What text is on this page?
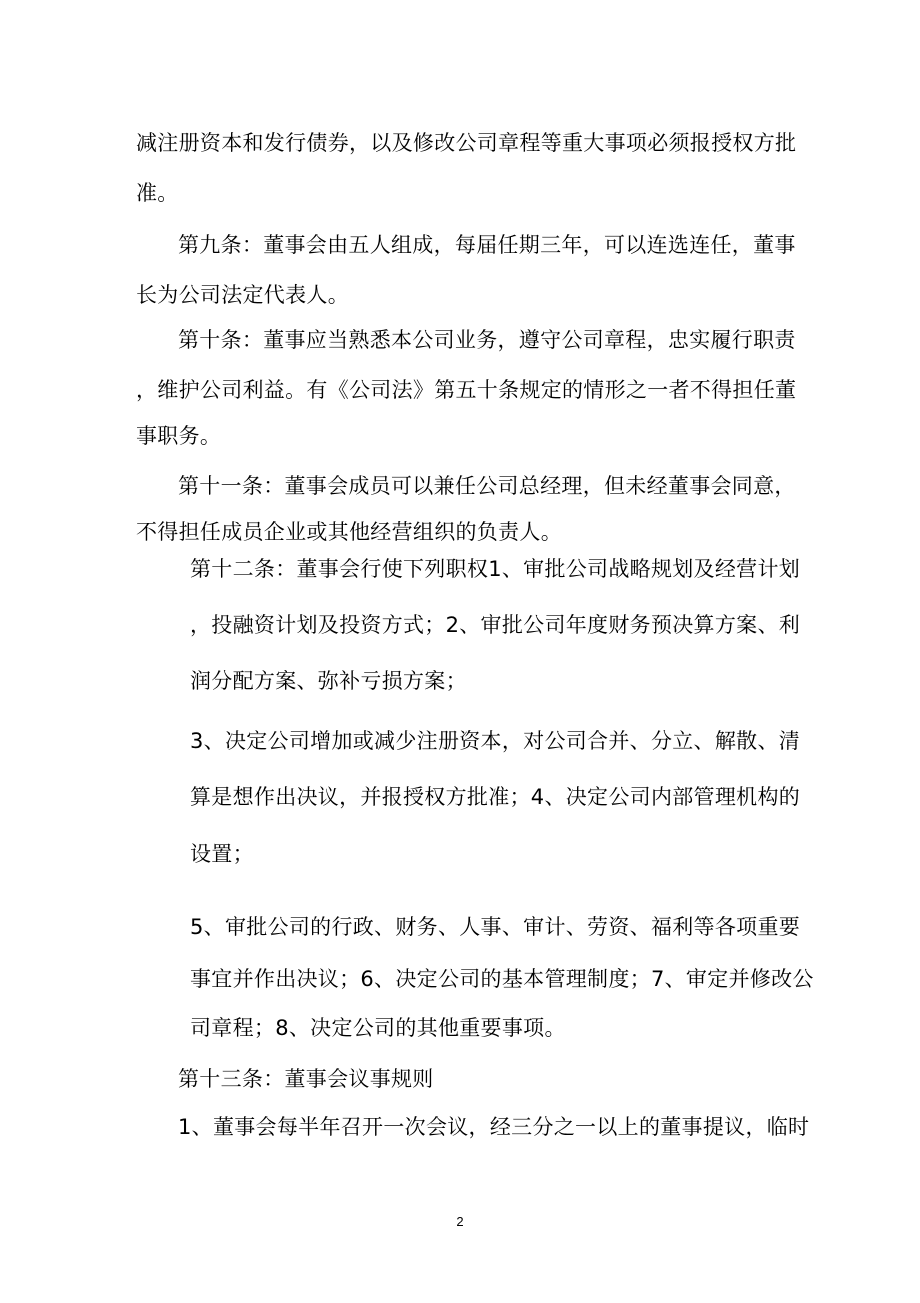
减注册资本和发行债券，以及修改公司章程等重大事项必须报授权方批
准。
第九条：董事会由五人组成，每届任期三年，可以连选连任，董事
长为公司法定代表人。
第十条：董事应当熟悉本公司业务，遵守公司章程，忠实履行职责
，维护公司利益。有《公司法》第五十条规定的情形之一者不得担任董
事职务。
第十一条：董事会成员可以兼任公司总经理，但未经董事会同意，
不得担任成员企业或其他经营组织的负责人。
第十二条：董事会行使下列职权1、审批公司战略规划及经营计划
，投融资计划及投资方式；2、审批公司年度财务预决算方案、利
润分配方案、弥补亏损方案；
3、决定公司增加或减少注册资本，对公司合并、分立、解散、清
算是想作出决议，并报授权方批准；4、决定公司内部管理机构的
设置；
5、审批公司的行政、财务、人事、审计、劳资、福利等各项重要
事宜并作出决议；6、决定公司的基本管理制度；7、审定并修改公
司章程；8、决定公司的其他重要事项。
第十三条：董事会议事规则
1、董事会每半年召开一次会议，经三分之一以上的董事提议，临时
2
